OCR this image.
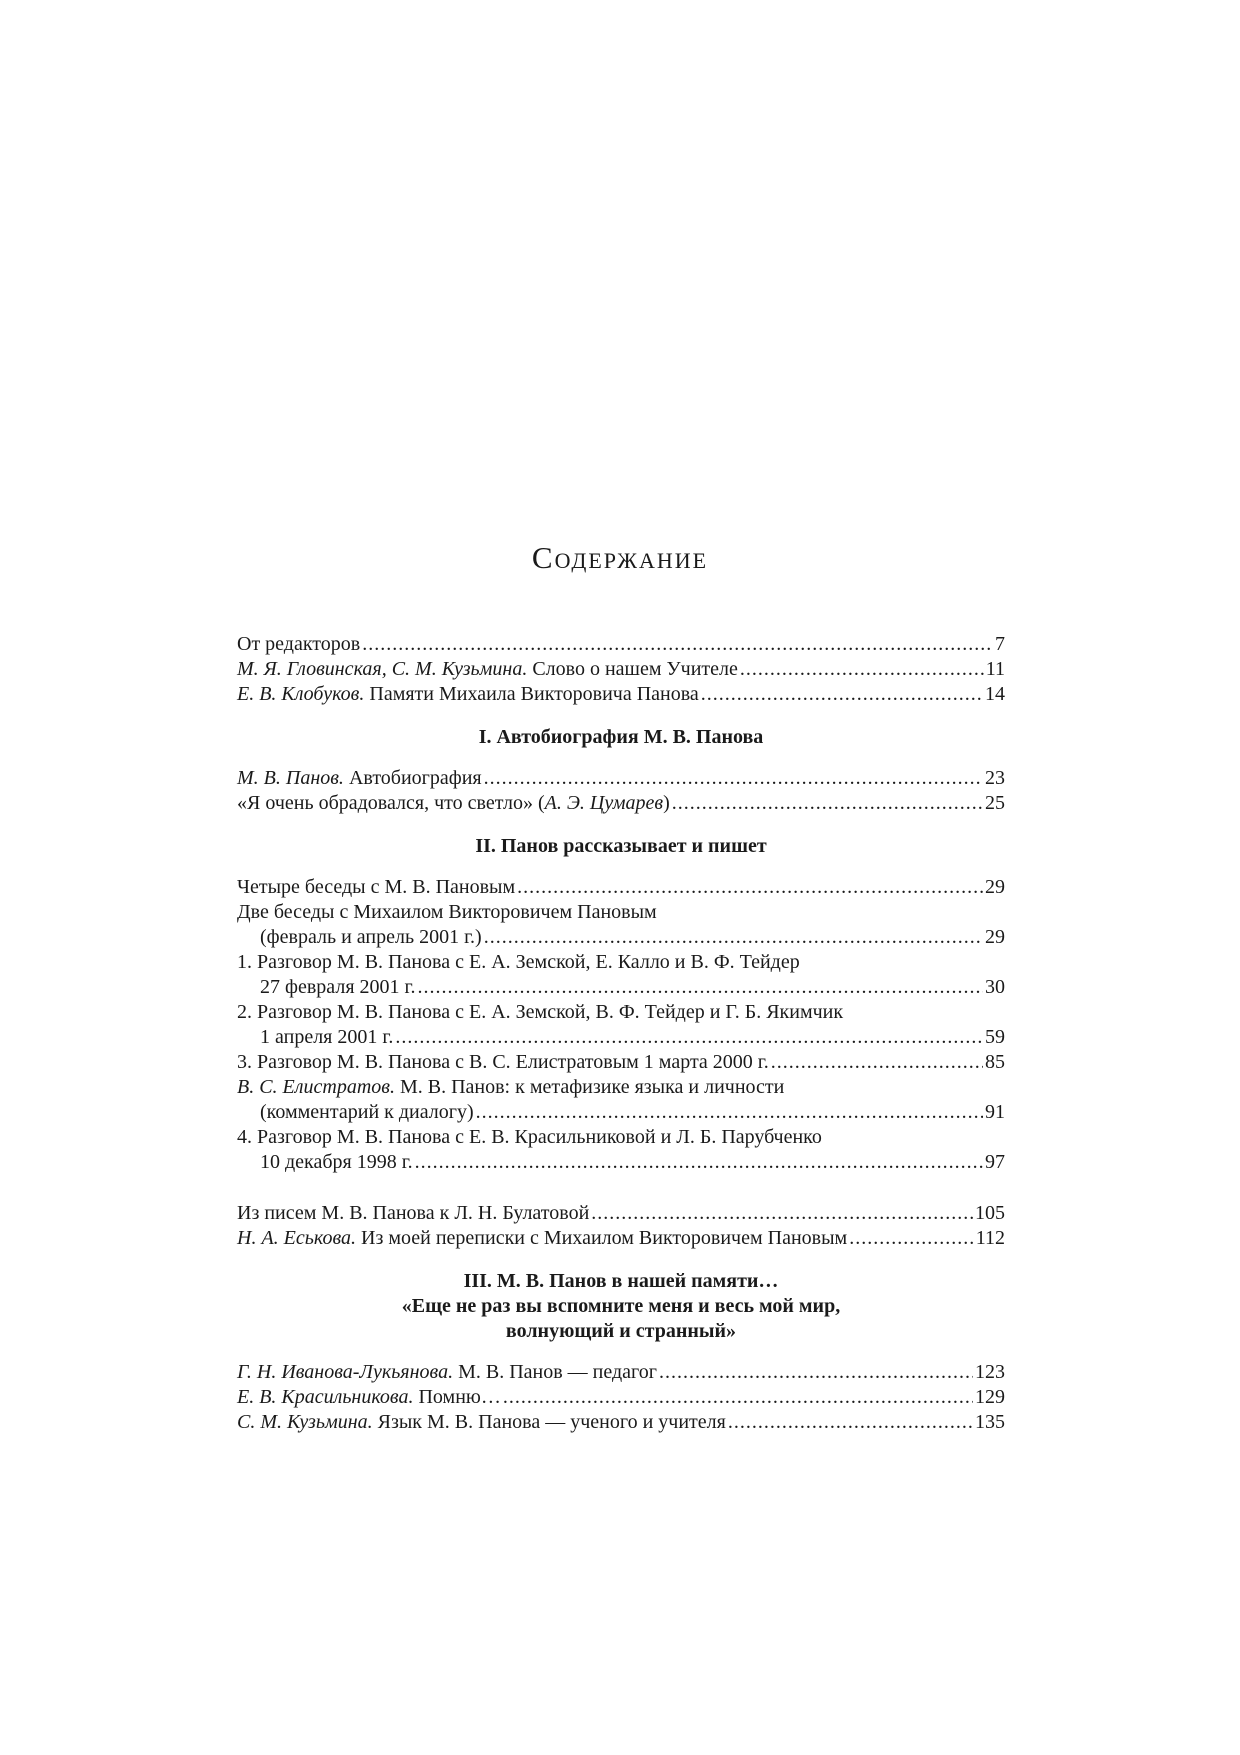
Содержание
От редакторов .....	7
М. Я. Гловинская, С. М. Кузьмина. Слово о нашем Учителе .....	11
Е. В. Клобуков. Памяти Михаила Викторовича Панова .....	14
I. Автобиография М. В. Панова
М. В. Панов. Автобиография .....	23
«Я очень обрадовался, что светло» (А. Э. Цумарев) .....	25
II. Панов рассказывает и пишет
Четыре беседы с М. В. Пановым .....	29
Две беседы с Михаилом Викторовичем Пановым
(февраль и апрель 2001 г.) .....	29
1. Разговор М. В. Панова с Е. А. Земской, Е. Калло и В. Ф. Тейдер
27 февраля 2001 г. .....	30
2. Разговор М. В. Панова с Е. А. Земской, В. Ф. Тейдер и Г. Б. Якимчик
1 апреля 2001 г. .....	59
3. Разговор М. В. Панова с В. С. Елистратовым 1 марта 2000 г. .....	85
В. С. Елистратов. М. В. Панов: к метафизике языка и личности
(комментарий к диалогу) .....	91
4. Разговор М. В. Панова с Е. В. Красильниковой и Л. Б. Парубченко
10 декабря 1998 г. .....	97
Из писем М. В. Панова к Л. Н. Булатовой .....	105
Н. А. Еськова. Из моей переписки с Михаилом Викторовичем Пановым .....	112
III. М. В. Панов в нашей памяти…
«Еще не раз вы вспомните меня и весь мой мир,
волнующий и странный»
Г. Н. Иванова-Лукьянова. М. В. Панов — педагог .....	123
Е. В. Красильникова. Помню… .....	129
С. М. Кузьмина. Язык М. В. Панова — ученого и учителя .....	135
